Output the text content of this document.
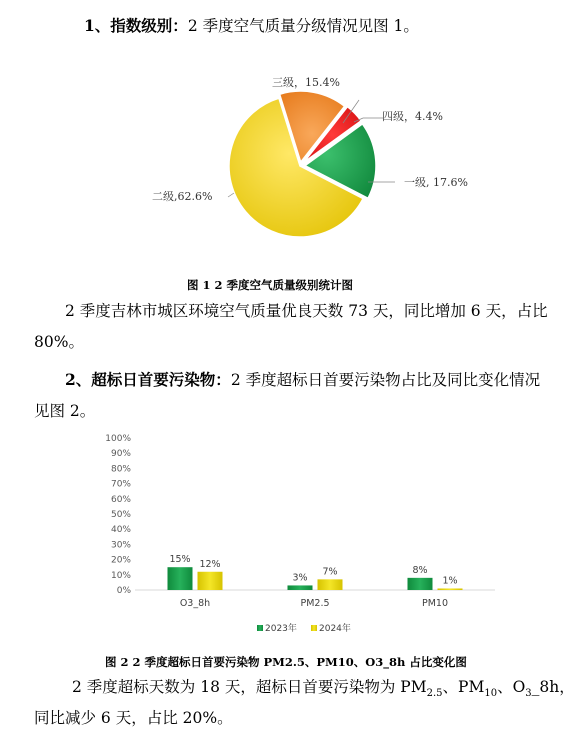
1、指数级别：2 季度空气质量分级情况见图 1。
一级, 17.6%
二级,62.6%
三级，15.4%
四级，4.4%
图 1 2 季度空气质量级别统计图
2 季度吉林市城区环境空气质量优良天数 73 天，同比增加 6 天，占比
80%。
2、超标日首要污染物：2 季度超标日首要污染物占比及同比变化情况
见图 2。
0%
10%
20%
30%
40%
50%
60%
70%
80%
90%
100%
15% 12%
3%
7%	8%
1%
O3_8h	PM2.5	PM10
2023年 2024年
图 2 2 季度超标日首要污染物 PM2.5、PM10、O3_8h 占比变化图
2 季度超标天数为 18 天，超标日首要污染物为 $PM_{2.5}$、$PM_{10}$、$O_3\_8h$，
同比减少 6 天，占比 20%。
